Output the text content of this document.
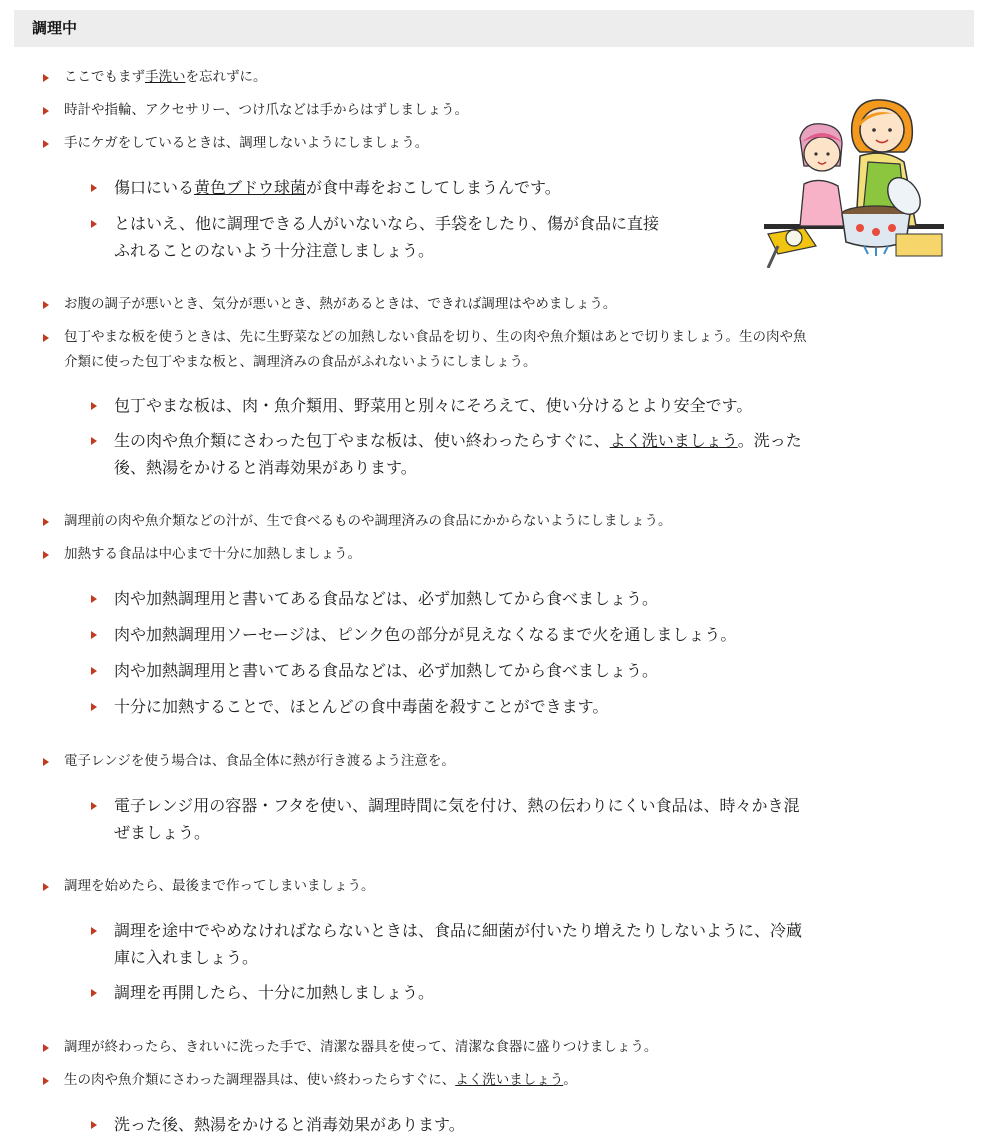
調理中

ここでもまず手洗いを忘れずに。

時計や指輪、アクセサリー、つけ爪などは手からはずしましょう。

手にケガをしているときは、調理しないようにしましょう。

傷口にいる黄色ブドウ球菌が食中毒をおこしてしまうんです。

とはいえ、他に調理できる人がいないなら、手袋をしたり、傷が食品に直接
ふれることのないよう十分注意しましょう。

お腹の調子が悪いとき、気分が悪いとき、熱があるときは、できれば調理はやめましょう。

包丁やまな板を使うときは、先に生野菜などの加熱しない食品を切り、生の肉や魚介類はあとで切りましょう。生の肉や魚
介類に使った包丁やまな板と、調理済みの食品がふれないようにしましょう。

包丁やまな板は、肉・魚介類用、野菜用と別々にそろえて、使い分けるとより安全です。

生の肉や魚介類にさわった包丁やまな板は、使い終わったらすぐに、よく洗いましょう。洗った
後、熱湯をかけると消毒効果があります。

調理前の肉や魚介類などの汁が、生で食べるものや調理済みの食品にかからないようにしましょう。

加熱する食品は中心まで十分に加熱しましょう。

肉や加熱調理用と書いてある食品などは、必ず加熱してから食べましょう。

肉や加熱調理用ソーセージは、ピンク色の部分が見えなくなるまで火を通しましょう。

肉や加熱調理用と書いてある食品などは、必ず加熱してから食べましょう。

十分に加熱することで、ほとんどの食中毒菌を殺すことができます。

電子レンジを使う場合は、食品全体に熱が行き渡るよう注意を。

電子レンジ用の容器・フタを使い、調理時間に気を付け、熱の伝わりにくい食品は、時々かき混
ぜましょう。

調理を始めたら、最後まで作ってしまいましょう。

調理を途中でやめなければならないときは、食品に細菌が付いたり増えたりしないように、冷蔵
庫に入れましょう。

調理を再開したら、十分に加熱しましょう。

調理が終わったら、きれいに洗った手で、清潔な器具を使って、清潔な食器に盛りつけましょう。

生の肉や魚介類にさわった調理器具は、使い終わったらすぐに、よく洗いましょう。

洗った後、熱湯をかけると消毒効果があります。
